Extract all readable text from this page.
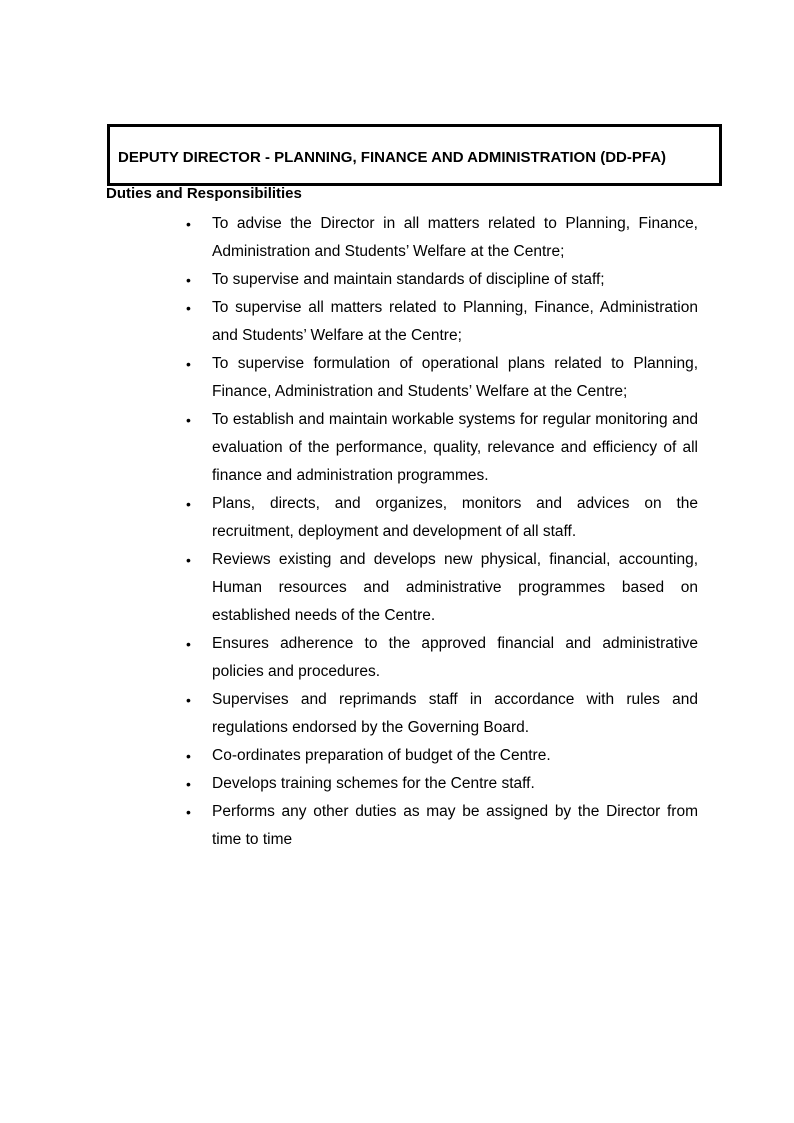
DEPUTY DIRECTOR - PLANNING, FINANCE AND ADMINISTRATION (DD-PFA)
Duties and Responsibilities
• To advise the Director in all matters related to Planning, Finance, Administration and Students’ Welfare at the Centre;
• To supervise and maintain standards of discipline of staff;
• To supervise all matters related to Planning, Finance, Administration and Students’ Welfare at the Centre;
• To supervise formulation of operational plans related to Planning, Finance, Administration and Students’ Welfare at the Centre;
• To establish and maintain workable systems for regular monitoring and evaluation of the performance, quality, relevance and efficiency of all finance and administration programmes.
• Plans, directs, and organizes, monitors and advices on the recruitment, deployment and development of all staff.
• Reviews existing and develops new physical, financial, accounting, Human resources and administrative programmes based on established needs of the Centre.
• Ensures adherence to the approved financial and administrative policies and procedures.
• Supervises and reprimands staff in accordance with rules and regulations endorsed by the Governing Board.
• Co-ordinates preparation of budget of the Centre.
• Develops training schemes for the Centre staff.
• Performs any other duties as may be assigned by the Director from time to time
